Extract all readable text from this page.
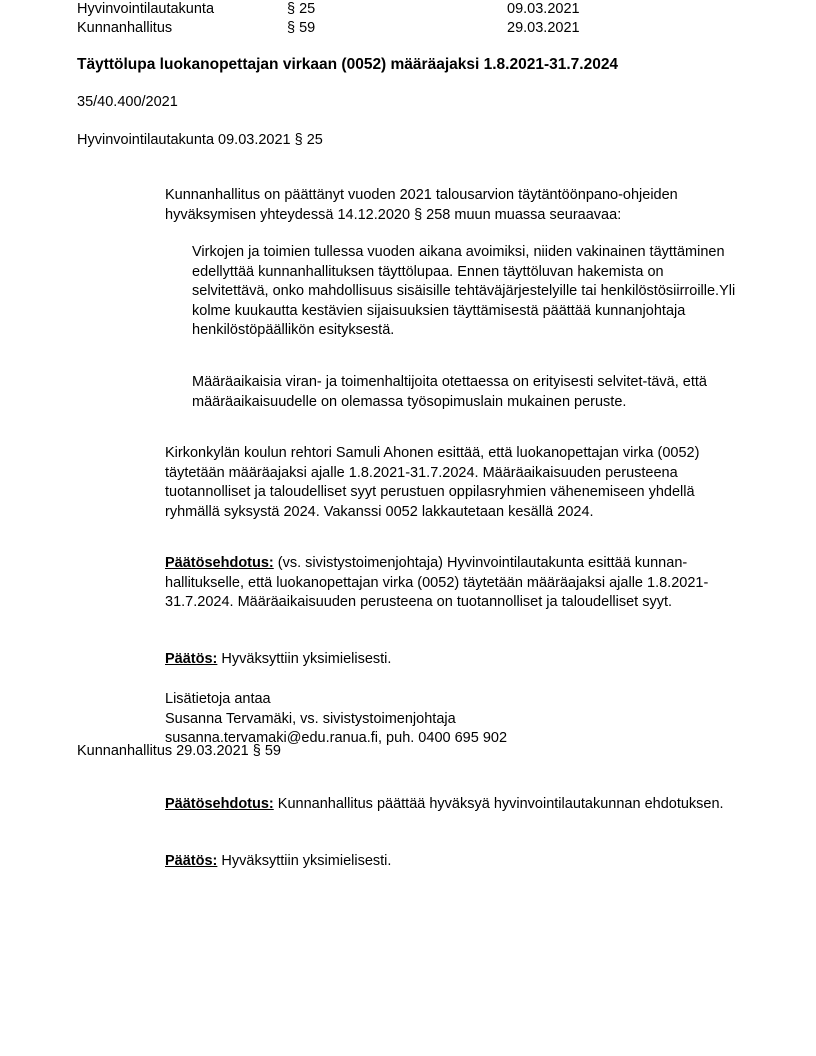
Hyvinvointilautakunta	§ 25	09.03.2021
Kunnanhallitus	§ 59	29.03.2021
Täyttölupa luokanopettajan virkaan (0052) määräajaksi 1.8.2021-31.7.2024
35/40.400/2021
Hyvinvointilautakunta 09.03.2021 § 25

Kunnanhallitus on päättänyt vuoden 2021 talousarvion täytäntöönpano-ohjeiden hyväksymisen yhteydessä 14.12.2020 § 258 muun muassa seuraavaa:

Virkojen ja toimien tullessa vuoden aikana avoimiksi, niiden vakinainen täyttäminen edellyttää kunnanhallituksen täyttölupaa. Ennen täyttöluvan hakemista on selvitettävä, onko mahdollisuus sisäisille tehtäväjärjestelyille tai henkilöstösiirroille.Yli kolme kuukautta kestävien sijaisuuksien täyttämisestä päättää kunnanjohtaja henkilöstöpäällikön esityksestä.

Määräaikaisia viran- ja toimenhaltijoita otettaessa on erityisesti selvitet-tävä, että määräaikaisuudelle on olemassa työsopimuslain mukainen peruste.

Kirkonkylän koulun rehtori Samuli Ahonen esittää, että luokanopettajan virka (0052) täytetään määräajaksi ajalle 1.8.2021-31.7.2024. Määräaikaisuuden perusteena tuotannolliset ja taloudelliset syyt perustuen oppilasryhmien vähenemiseen yhdellä ryhmällä syksystä 2024. Vakanssi 0052 lakkautetaan kesällä 2024.

Päätösehdotus: (vs. sivistystoimenjohtaja) Hyvinvointilautakunta esittää kunnan-hallitukselle, että luokanopettajan virka (0052) täytetään määräajaksi ajalle 1.8.2021-31.7.2024. Määräaikaisuuden perusteena on tuotannolliset ja taloudelliset syyt.

Päätös: Hyväksyttiin yksimielisesti.

Lisätietoja antaa

Susanna Tervamäki, vs. sivistystoimenjohtaja

susanna.tervamaki@edu.ranua.fi, puh. 0400 695 902

Kunnanhallitus 29.03.2021 § 59

Päätösehdotus: Kunnanhallitus päättää hyväksyä hyvinvointilautakunnan ehdotuksen.

Päätös: Hyväksyttiin yksimielisesti.
